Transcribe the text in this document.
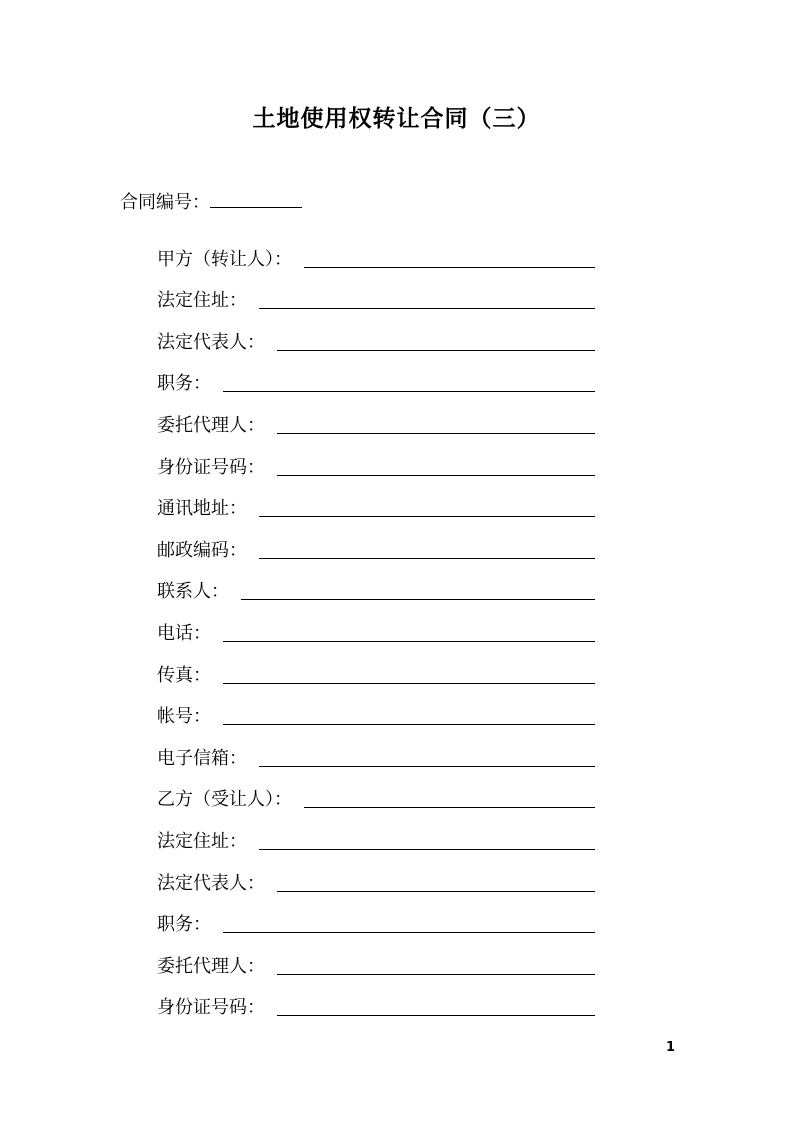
土地使用权转让合同（三）
合同编号：
甲方（转让人）：
法定住址：
法定代表人：
职务：
委托代理人：
身份证号码：
通讯地址：
邮政编码：
联系人：
电话：
传真：
帐号：
电子信箱：
乙方（受让人）：
法定住址：
法定代表人：
职务：
委托代理人：
身份证号码：
1
